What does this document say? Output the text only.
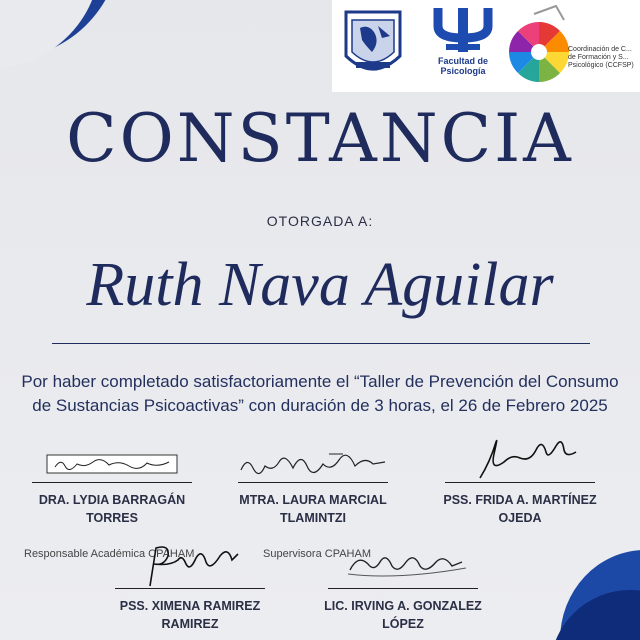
Facultad de Psicología
Coordinación de C... de Formación y S... Psicológico (CCFSP)
CONSTANCIA
OTORGADA A:
Ruth Nava Aguilar
Por haber completado satisfactoriamente el “Taller de Prevención del Consumo
de Sustancias Psicoactivas” con duración de 3 horas, el 26 de Febrero 2025
DRA. LYDIA BARRAGÁN
TORRES
MTRA. LAURA MARCIAL
TLAMINTZI
PSS. FRIDA A. MARTÍNEZ
OJEDA
Responsable Académica CPAHAM	Supervisora CPAHAM
PSS. XIMENA RAMIREZ
RAMIREZ
LIC. IRVING A. GONZALEZ
LÓPEZ
